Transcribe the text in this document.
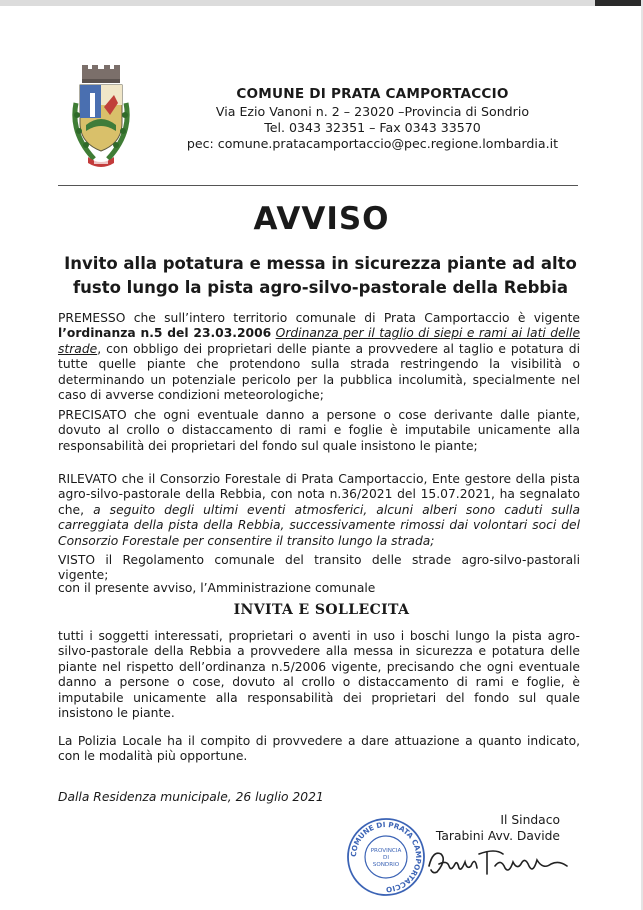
COMUNE DI PRATA CAMPORTACCIO
Via Ezio Vanoni n. 2 – 23020 –Provincia di Sondrio
Tel. 0343 32351 – Fax 0343 33570
pec: comune.pratacamportaccio@pec.regione.lombardia.it
AVVISO
Invito alla potatura e messa in sicurezza piante ad alto
fusto lungo la pista agro-silvo-pastorale della Rebbia
PREMESSO che sull’intero territorio comunale di Prata Camportaccio è vigente l’ordinanza n.5 del 23.03.2006 Ordinanza per il taglio di siepi e rami ai lati delle strade, con obbligo dei proprietari delle piante a provvedere al taglio e potatura di tutte quelle piante che protendono sulla strada restringendo la visibilità o determinando un potenziale pericolo per la pubblica incolumità, specialmente nel caso di avverse condizioni meteorologiche;
PRECISATO che ogni eventuale danno a persone o cose derivante dalle piante, dovuto al crollo o distaccamento di rami e foglie è imputabile unicamente alla responsabilità dei proprietari del fondo sul quale insistono le piante;
RILEVATO che il Consorzio Forestale di Prata Camportaccio, Ente gestore della pista agro-silvo-pastorale della Rebbia, con nota n.36/2021 del 15.07.2021, ha segnalato che, a seguito degli ultimi eventi atmosferici, alcuni alberi sono caduti sulla carreggiata della pista della Rebbia, successivamente rimossi dai volontari soci del Consorzio Forestale per consentire il transito lungo la strada;
VISTO il Regolamento comunale del transito delle strade agro-silvo-pastorali vigente;
con il presente avviso, l’Amministrazione comunale
INVITA E SOLLECITA
tutti i soggetti interessati, proprietari o aventi in uso i boschi lungo la pista agro-silvo-pastorale della Rebbia a provvedere alla messa in sicurezza e potatura delle piante nel rispetto dell’ordinanza n.5/2006 vigente, precisando che ogni eventuale danno a persone o cose, dovuto al crollo o distaccamento di rami e foglie, è imputabile unicamente alla responsabilità dei proprietari del fondo sul quale insistono le piante.
La Polizia Locale ha il compito di provvedere a dare attuazione a quanto indicato, con le modalità più opportune.
Dalla Residenza municipale, 26 luglio 2021
Il Sindaco
Tarabini Avv. Davide
COMUNE DI PRATA CAMPORTACCIO
PROVINCIA
DI
SONDRIO
